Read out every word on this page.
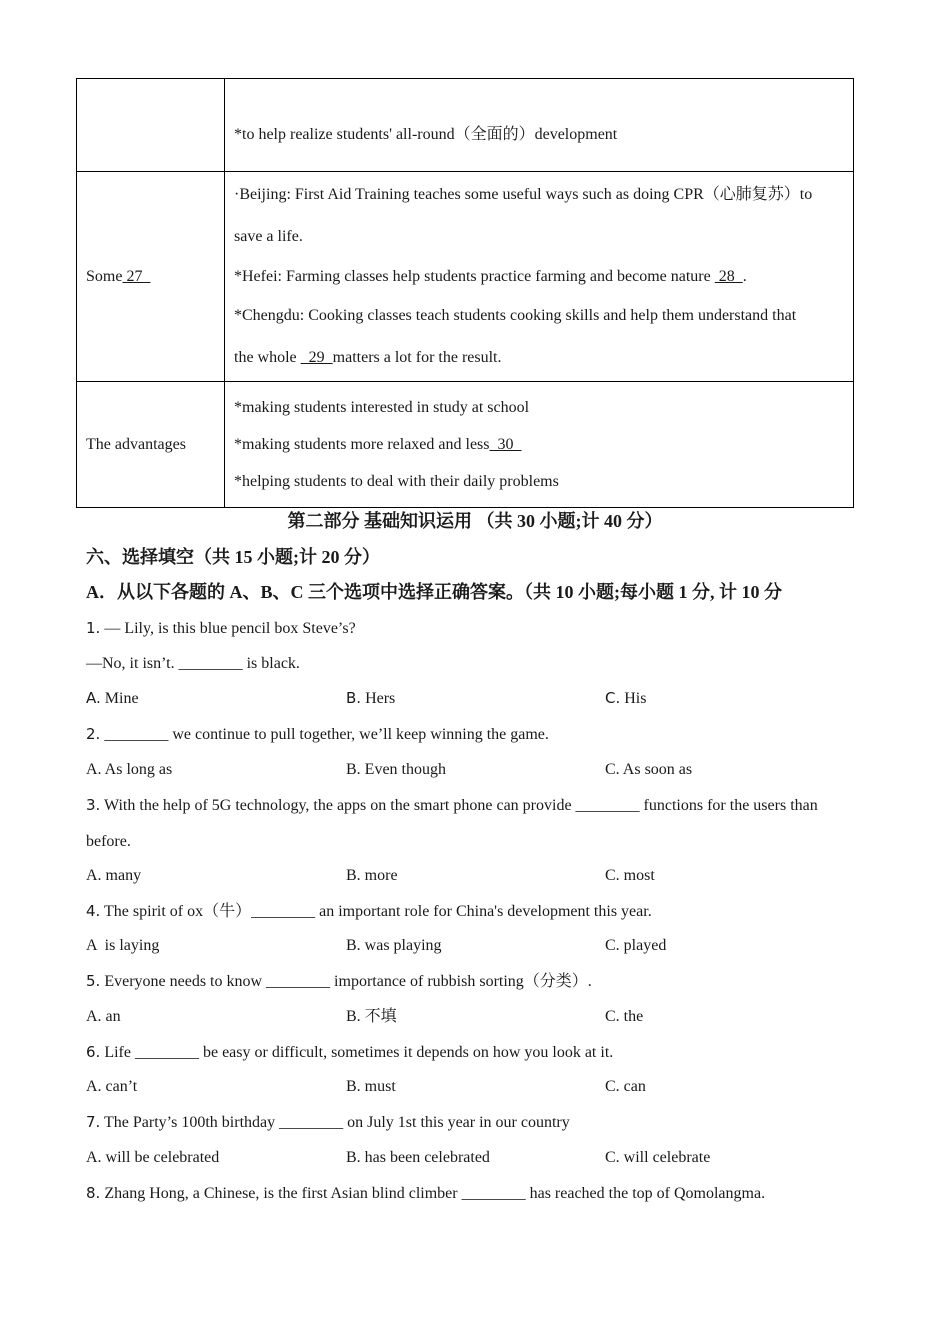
	*to help realize students' all-round（全面的）development

Some 27	·Beijing: First Aid Training teaches some useful ways such as doing CPR（心肺复苏）to
save a life.
*Hefei: Farming classes help students practice farming and become nature  28  .
*Chengdu: Cooking classes teach students cooking skills and help them understand that
the whole   29  matters a lot for the result.

The advantages	*making students interested in study at school
*making students more relaxed and less  30
*helping students to deal with their daily problems
第二部分 基础知识运用 （共 30 小题;计 40 分）
六、选择填空（共 15 小题;计 20 分）
A．从以下各题的 A、B、C 三个选项中选择正确答案。（共 10 小题;每小题 1 分, 计 10 分
1. — Lily, is this blue pencil box Steve’s?
—No, it isn’t. ________ is black.
A. Mine	B. Hers	C. His
2. ________ we continue to pull together, we’ll keep winning the game.
A. As long as	B. Even though	C. As soon as
3. With the help of 5G technology, the apps on the smart phone can provide ________ functions for the users than
before.
A. many	B. more	C. most
4. The spirit of ox（牛）________ an important role for China's development this year.
A  is laying	B. was playing	C. played
5. Everyone needs to know ________ importance of rubbish sorting（分类）.
A. an	B. 不填	C. the
6. Life ________ be easy or difficult, sometimes it depends on how you look at it.
A. can’t	B. must	C. can
7. The Party’s 100th birthday ________ on July 1st this year in our country
A. will be celebrated	B. has been celebrated	C. will celebrate
8. Zhang Hong, a Chinese, is the first Asian blind climber ________ has reached the top of Qomolangma.
